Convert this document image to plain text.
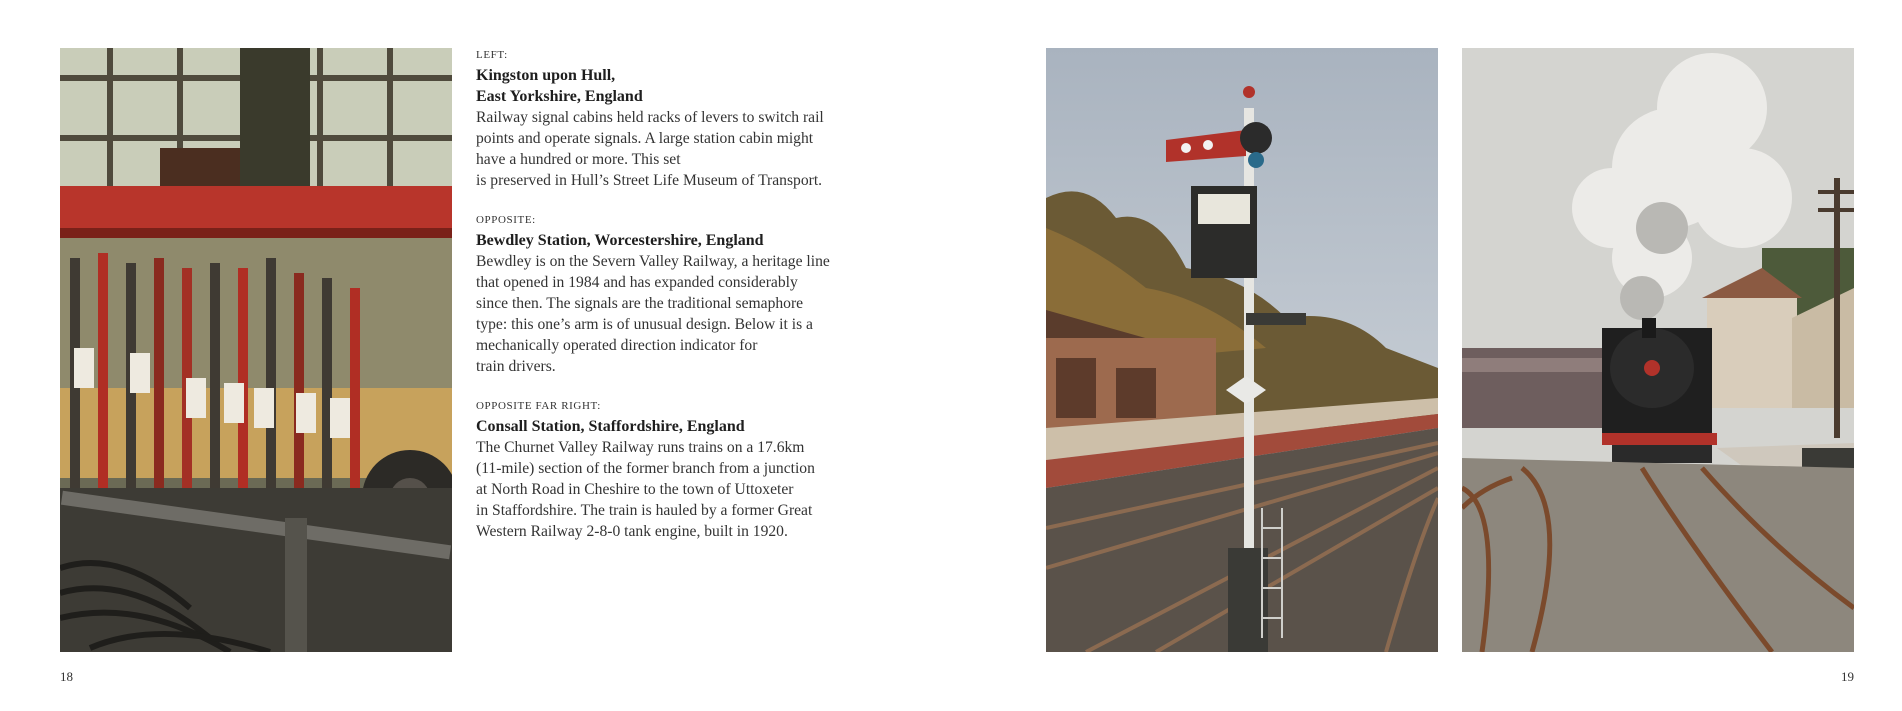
LEFT:
Kingston upon Hull,
East Yorkshire, England
Railway signal cabins held racks of levers to switch rail
points and operate signals. A large station cabin might
have a hundred or more. This set
is preserved in Hull’s Street Life Museum of Transport.
OPPOSITE:
Bewdley Station, Worcestershire, England
Bewdley is on the Severn Valley Railway, a heritage line
that opened in 1984 and has expanded considerably
since then. The signals are the traditional semaphore
type: this one’s arm is of unusual design. Below it is a
mechanically operated direction indicator for
train drivers.
OPPOSITE FAR RIGHT:
Consall Station, Staffordshire, England
The Churnet Valley Railway runs trains on a 17.6km
(11-mile) section of the former branch from a junction
at North Road in Cheshire to the town of Uttoxeter
in Staffordshire. The train is hauled by a former Great
Western Railway 2-8-0 tank engine, built in 1920.
18	19
